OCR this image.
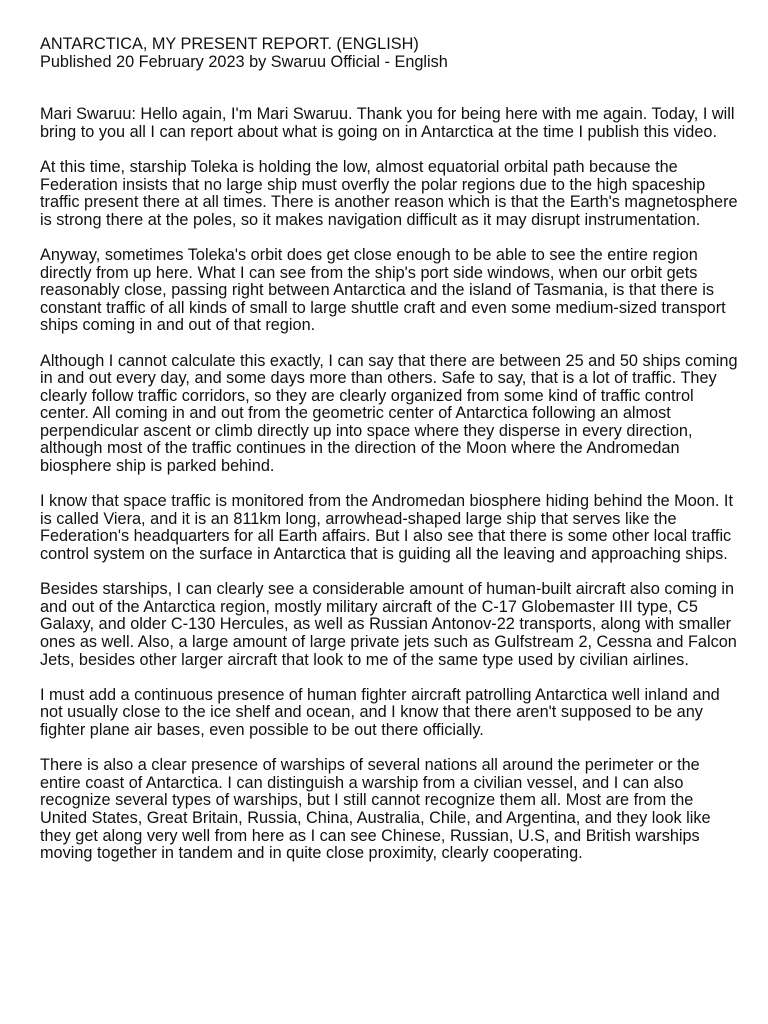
ANTARCTICA, MY PRESENT REPORT. (ENGLISH)

Published 20 February 2023 by Swaruu Official - English

Mari Swaruu: Hello again, I'm Mari Swaruu. Thank you for being here with me again. Today, I will bring to you all I can report about what is going on in Antarctica at the time I publish this video.

At this time, starship Toleka is holding the low, almost equatorial orbital path because the Federation insists that no large ship must overfly the polar regions due to the high spaceship traffic present there at all times. There is another reason which is that the Earth's magnetosphere is strong there at the poles, so it makes navigation difficult as it may disrupt instrumentation.

Anyway, sometimes Toleka's orbit does get close enough to be able to see the entire region directly from up here. What I can see from the ship's port side windows, when our orbit gets reasonably close, passing right between Antarctica and the island of Tasmania, is that there is constant traffic of all kinds of small to large shuttle craft and even some medium-sized transport ships coming in and out of that region.

Although I cannot calculate this exactly, I can say that there are between 25 and 50 ships coming in and out every day, and some days more than others. Safe to say, that is a lot of traffic. They clearly follow traffic corridors, so they are clearly organized from some kind of traffic control center. All coming in and out from the geometric center of Antarctica following an almost perpendicular ascent or climb directly up into space where they disperse in every direction, although most of the traffic continues in the direction of the Moon where the Andromedan biosphere ship is parked behind.

I know that space traffic is monitored from the Andromedan biosphere hiding behind the Moon. It is called Viera, and it is an 811km long, arrowhead-shaped large ship that serves like the Federation's headquarters for all Earth affairs. But I also see that there is some other local traffic control system on the surface in Antarctica that is guiding all the leaving and approaching ships.

Besides starships, I can clearly see a considerable amount of human-built aircraft also coming in and out of the Antarctica region, mostly military aircraft of the C-17 Globemaster III type, C5 Galaxy, and older C-130 Hercules, as well as Russian Antonov-22 transports, along with smaller ones as well. Also, a large amount of large private jets such as Gulfstream 2, Cessna and Falcon Jets, besides other larger aircraft that look to me of the same type used by civilian airlines.

I must add a continuous presence of human fighter aircraft patrolling Antarctica well inland and not usually close to the ice shelf and ocean, and I know that there aren't supposed to be any fighter plane air bases, even possible to be out there officially.

There is also a clear presence of warships of several nations all around the perimeter or the entire coast of Antarctica. I can distinguish a warship from a civilian vessel, and I can also recognize several types of warships, but I still cannot recognize them all. Most are from the United States, Great Britain, Russia, China, Australia, Chile, and Argentina, and they look like they get along very well from here as I can see Chinese, Russian, U.S, and British warships moving together in tandem and in quite close proximity, clearly cooperating.
